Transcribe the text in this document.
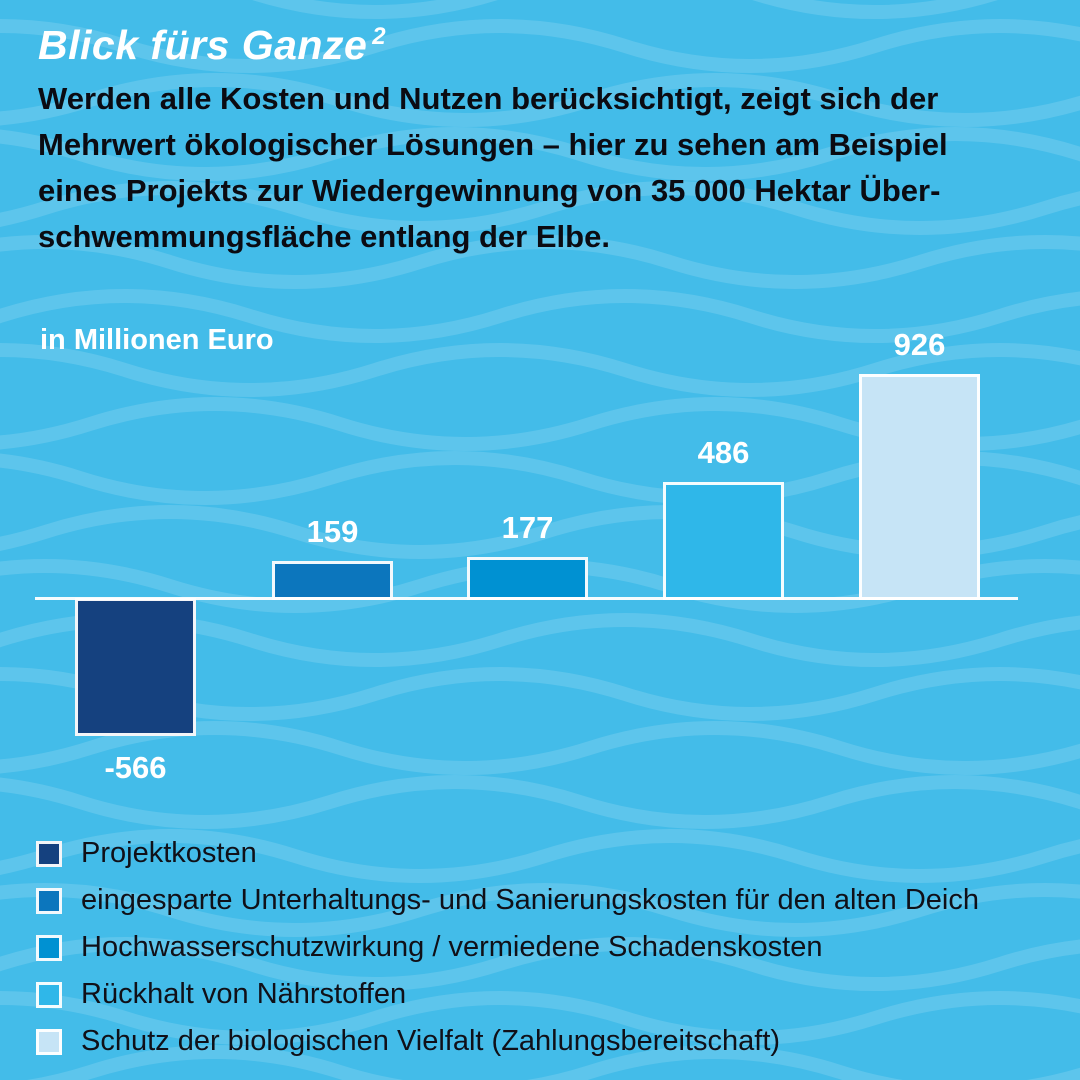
Blick fürs Ganze $^2$
Werden alle Kosten und Nutzen berücksichtigt, zeigt sich der
Mehrwert ökologischer Lösungen – hier zu sehen am Beispiel
eines Projekts zur Wiedergewinnung von 35 000 Hektar Über-
schwemmungsfläche entlang der Elbe.
in Millionen Euro
-566
159	177
486
926
Projektkosten
eingesparte Unterhaltungs- und Sanierungskosten für den alten Deich
Hochwasserschutzwirkung / vermiedene Schadenskosten
Rückhalt von Nährstoffen
Schutz der biologischen Vielfalt (Zahlungsbereitschaft)
